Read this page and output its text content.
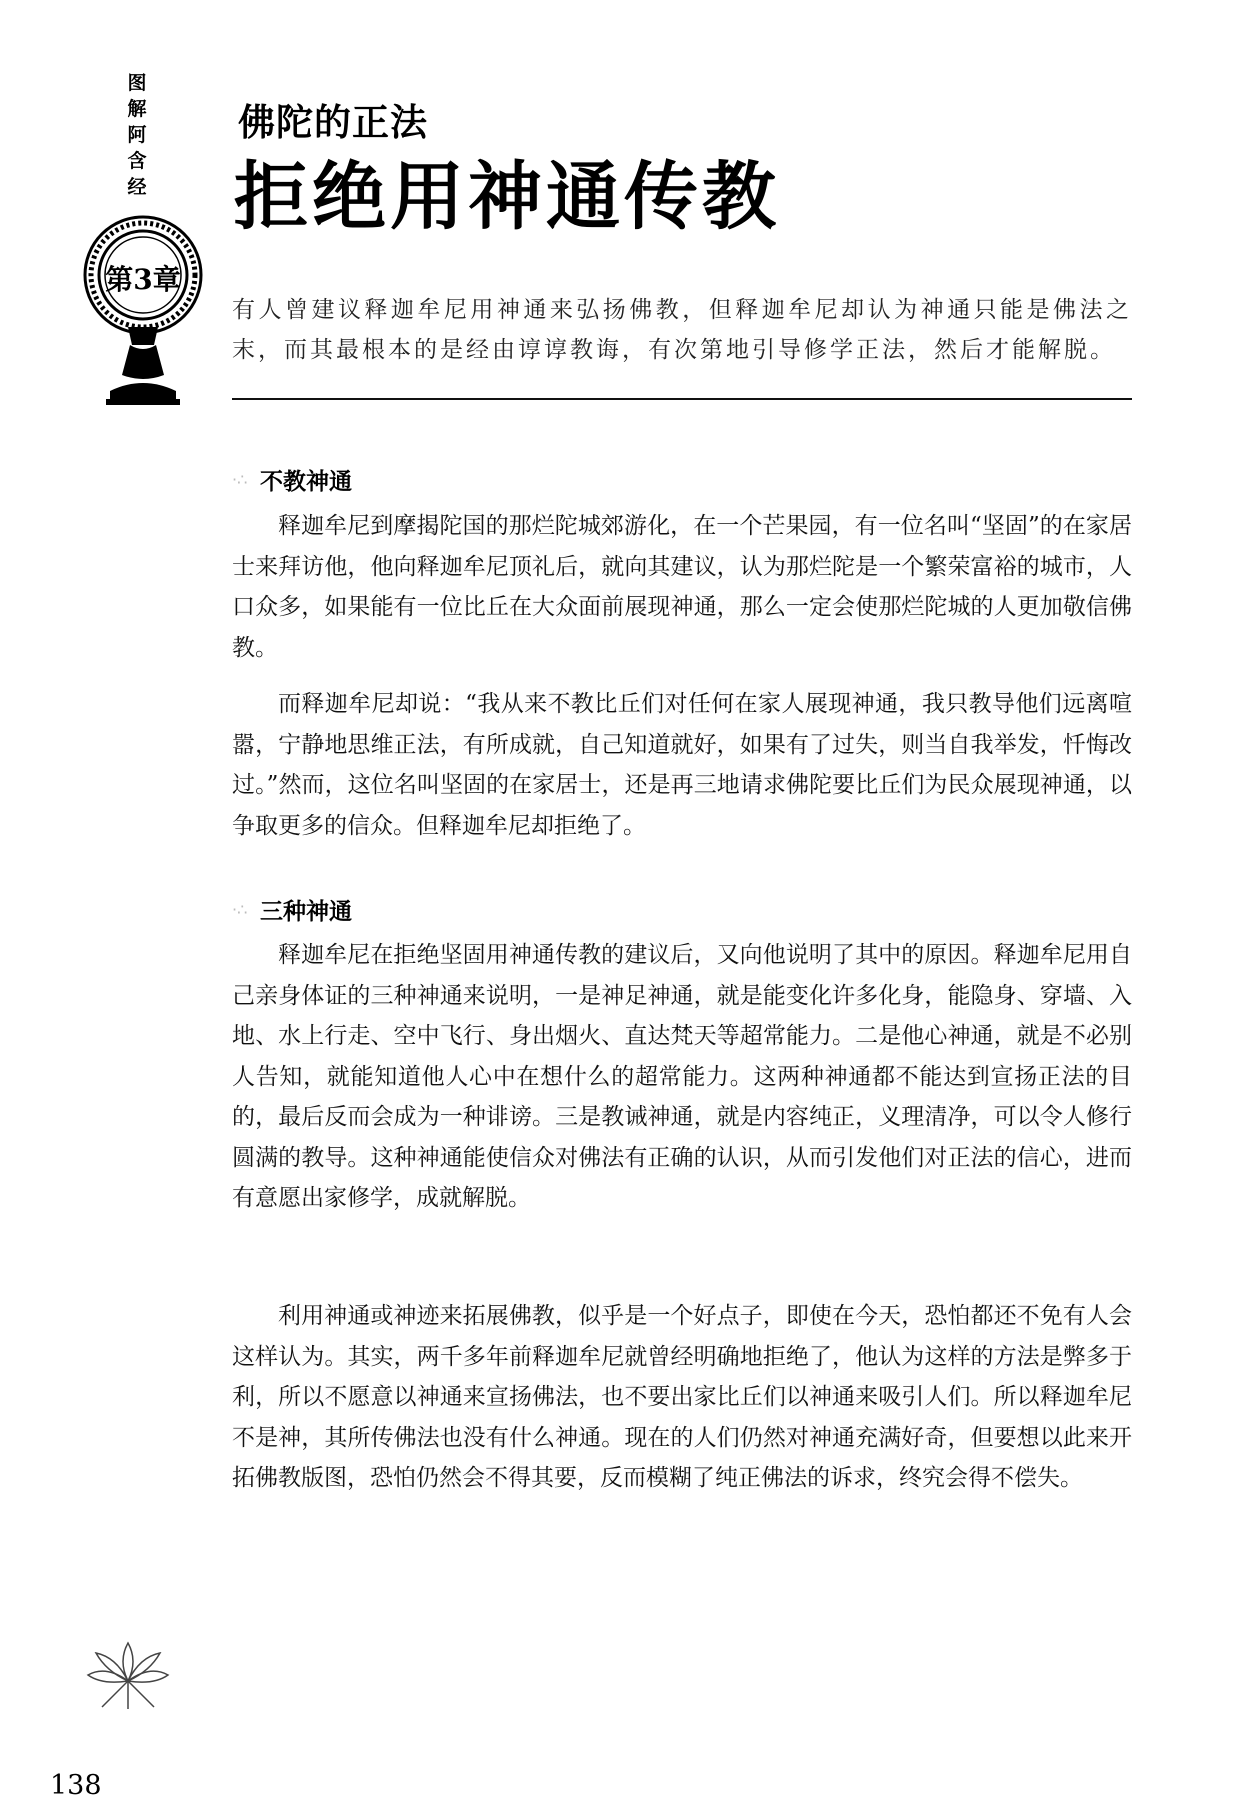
图
解
阿
含
经
第3章
佛陀的正法
拒绝用神通传教
有人曾建议释迦牟尼用神通来弘扬佛教，但释迦牟尼却认为神通只能是佛法之末，而其最根本的是经由谆谆教诲，有次第地引导修学正法，然后才能解脱。
·∴ 不教神通

释迦牟尼到摩揭陀国的那烂陀城郊游化，在一个芒果园，有一位名叫“坚固”的在家居士来拜访他，他向释迦牟尼顶礼后，就向其建议，认为那烂陀是一个繁荣富裕的城市，人口众多，如果能有一位比丘在大众面前展现神通，那么一定会使那烂陀城的人更加敬信佛教。

而释迦牟尼却说：“我从来不教比丘们对任何在家人展现神通，我只教导他们远离喧嚣，宁静地思维正法，有所成就，自己知道就好，如果有了过失，则当自我举发，忏悔改过。”然而，这位名叫坚固的在家居士，还是再三地请求佛陀要比丘们为民众展现神通，以争取更多的信众。但释迦牟尼却拒绝了。

·∴ 三种神通

释迦牟尼在拒绝坚固用神通传教的建议后，又向他说明了其中的原因。释迦牟尼用自己亲身体证的三种神通来说明，一是神足神通，就是能变化许多化身，能隐身、穿墙、入地、水上行走、空中飞行、身出烟火、直达梵天等超常能力。二是他心神通，就是不必别人告知，就能知道他人心中在想什么的超常能力。这两种神通都不能达到宣扬正法的目的，最后反而会成为一种诽谤。三是教诫神通，就是内容纯正，义理清净，可以令人修行圆满的教导。这种神通能使信众对佛法有正确的认识，从而引发他们对正法的信心，进而有意愿出家修学，成就解脱。

利用神通或神迹来拓展佛教，似乎是一个好点子，即使在今天，恐怕都还不免有人会这样认为。其实，两千多年前释迦牟尼就曾经明确地拒绝了，他认为这样的方法是弊多于利，所以不愿意以神通来宣扬佛法，也不要出家比丘们以神通来吸引人们。所以释迦牟尼不是神，其所传佛法也没有什么神通。现在的人们仍然对神通充满好奇，但要想以此来开拓佛教版图，恐怕仍然会不得其要，反而模糊了纯正佛法的诉求，终究会得不偿失。

138
